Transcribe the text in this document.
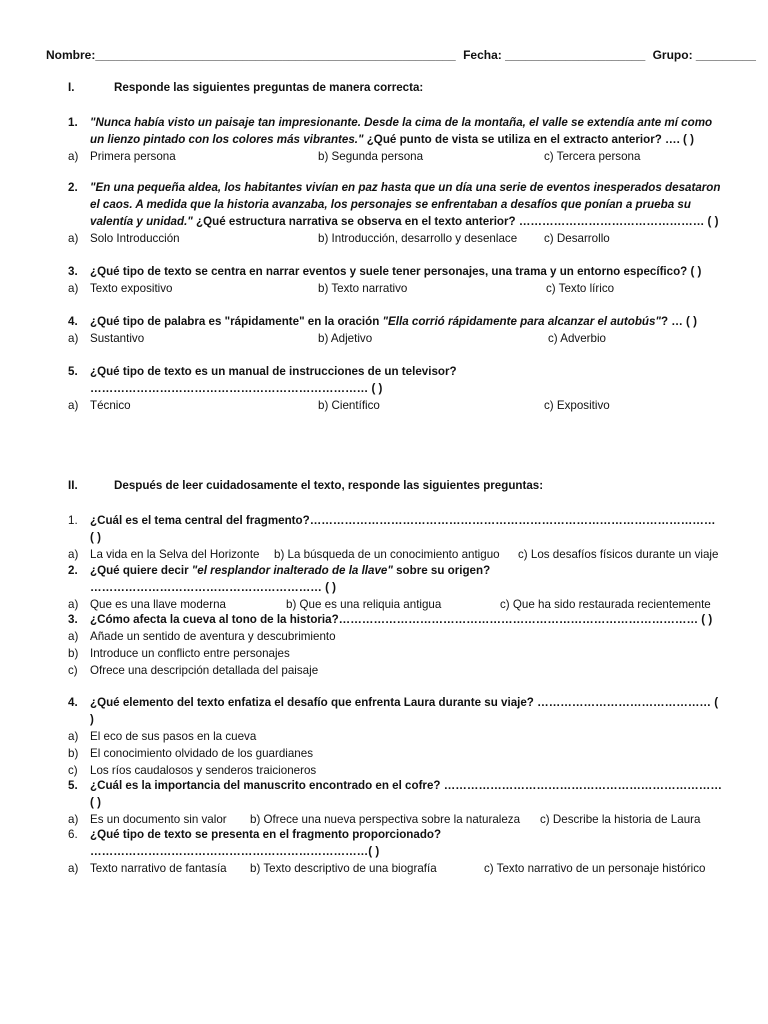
Nombre:______________________________________________________ Fecha: _____________________ Grupo: _________
I.	Responde las siguientes preguntas de manera correcta:
1. "Nunca había visto un paisaje tan impresionante. Desde la cima de la montaña, el valle se extendía ante mí como un lienzo pintado con los colores más vibrantes." ¿Qué punto de vista se utiliza en el extracto anterior? …. ( )
a) Primera persona	b) Segunda persona	c) Tercera persona
2. "En una pequeña aldea, los habitantes vivían en paz hasta que un día una serie de eventos inesperados desataron el caos. A medida que la historia avanzaba, los personajes se enfrentaban a desafíos que ponían a prueba su valentía y unidad." ¿Qué estructura narrativa se observa en el texto anterior? ………………………………………… ( )
a) Solo Introducción	b) Introducción, desarrollo y desenlace c) Desarrollo
3. ¿Qué tipo de texto se centra en narrar eventos y suele tener personajes, una trama y un entorno específico? ( )
a) Texto expositivo	b) Texto narrativo	c) Texto lírico
4. ¿Qué tipo de palabra es "rápidamente" en la oración "Ella corrió rápidamente para alcanzar el autobús"? … ( )
a) Sustantivo	b) Adjetivo	c) Adverbio
5. ¿Qué tipo de texto es un manual de instrucciones de un televisor? ……………………………………………………………… ( )
a) Técnico	b) Científico	c) Expositivo
II.	Después de leer cuidadosamente el texto, responde las siguientes preguntas:
1. ¿Cuál es el tema central del fragmento?…………………………………………………………………………………………… ( )
a) La vida en la Selva del Horizonte b) La búsqueda de un conocimiento antiguo c) Los desafíos físicos durante un viaje
2. ¿Qué quiere decir "el resplandor inalterado de la llave" sobre su origen? …………………………………………………… ( )
a) Que es una llave moderna	b) Que es una reliquia antigua	c) Que ha sido restaurada recientemente
3. ¿Cómo afecta la cueva al tono de la historia?………………………………………………………………………………… ( )
a) Añade un sentido de aventura y descubrimiento
b) Introduce un conflicto entre personajes
c) Ofrece una descripción detallada del paisaje
4. ¿Qué elemento del texto enfatiza el desafío que enfrenta Laura durante su viaje? ……………………………………… ( )
a) El eco de sus pasos en la cueva
b) El conocimiento olvidado de los guardianes
c) Los ríos caudalosos y senderos traicioneros
5. ¿Cuál es la importancia del manuscrito encontrado en el cofre? ……………………………………………………………… ( )
a) Es un documento sin valor b) Ofrece una nueva perspectiva sobre la naturaleza c) Describe la historia de Laura
6. ¿Qué tipo de texto se presenta en el fragmento proporcionado? ………………………………………………………………( )
a) Texto narrativo de fantasía b) Texto descriptivo de una biografía	c) Texto narrativo de un personaje histórico
